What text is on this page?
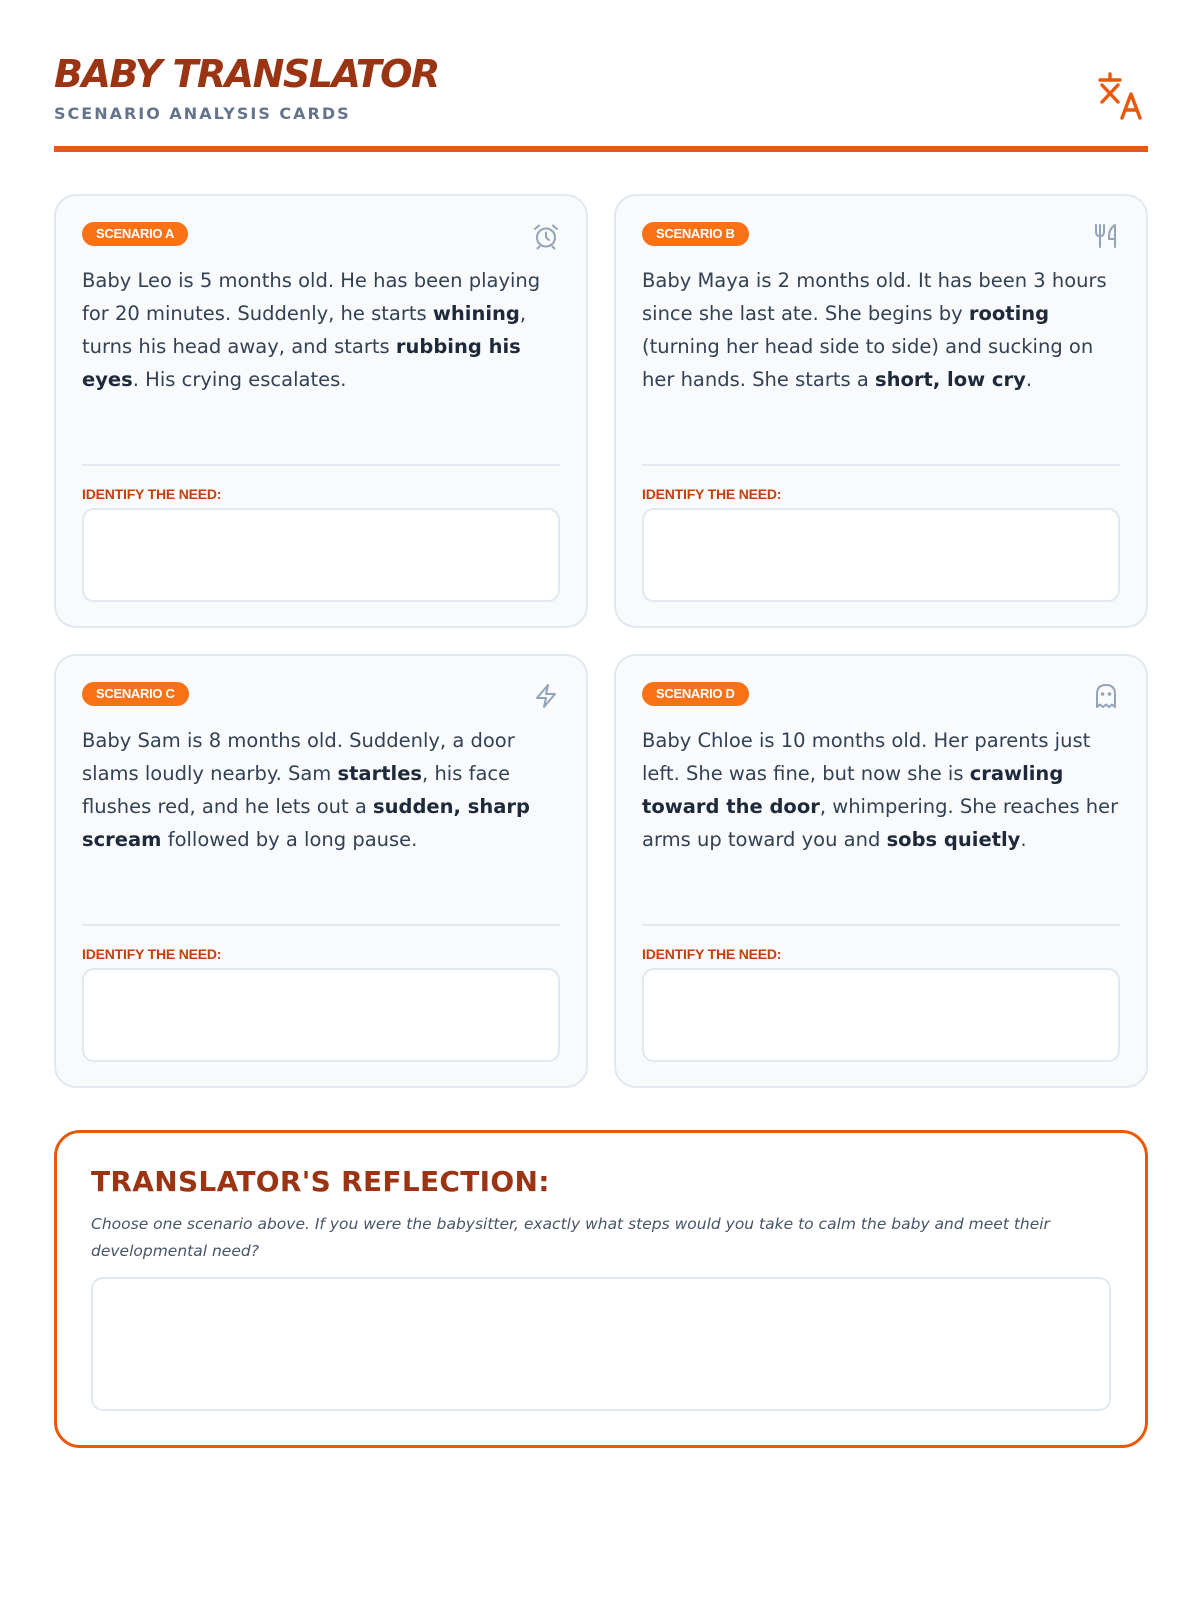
BABY TRANSLATOR
SCENARIO ANALYSIS CARDS
SCENARIO A
Baby Leo is 5 months old. He has been playing for 20 minutes. Suddenly, he starts whining, turns his head away, and starts rubbing his eyes. His crying escalates.
IDENTIFY THE NEED:
SCENARIO B
Baby Maya is 2 months old. It has been 3 hours since she last ate. She begins by rooting (turning her head side to side) and sucking on her hands. She starts a short, low cry.
IDENTIFY THE NEED:
SCENARIO C
Baby Sam is 8 months old. Suddenly, a door slams loudly nearby. Sam startles, his face flushes red, and he lets out a sudden, sharp scream followed by a long pause.
IDENTIFY THE NEED:
SCENARIO D
Baby Chloe is 10 months old. Her parents just left. She was fine, but now she is crawling toward the door, whimpering. She reaches her arms up toward you and sobs quietly.
IDENTIFY THE NEED:
TRANSLATOR'S REFLECTION:
Choose one scenario above. If you were the babysitter, exactly what steps would you take to calm the baby and meet their developmental need?
